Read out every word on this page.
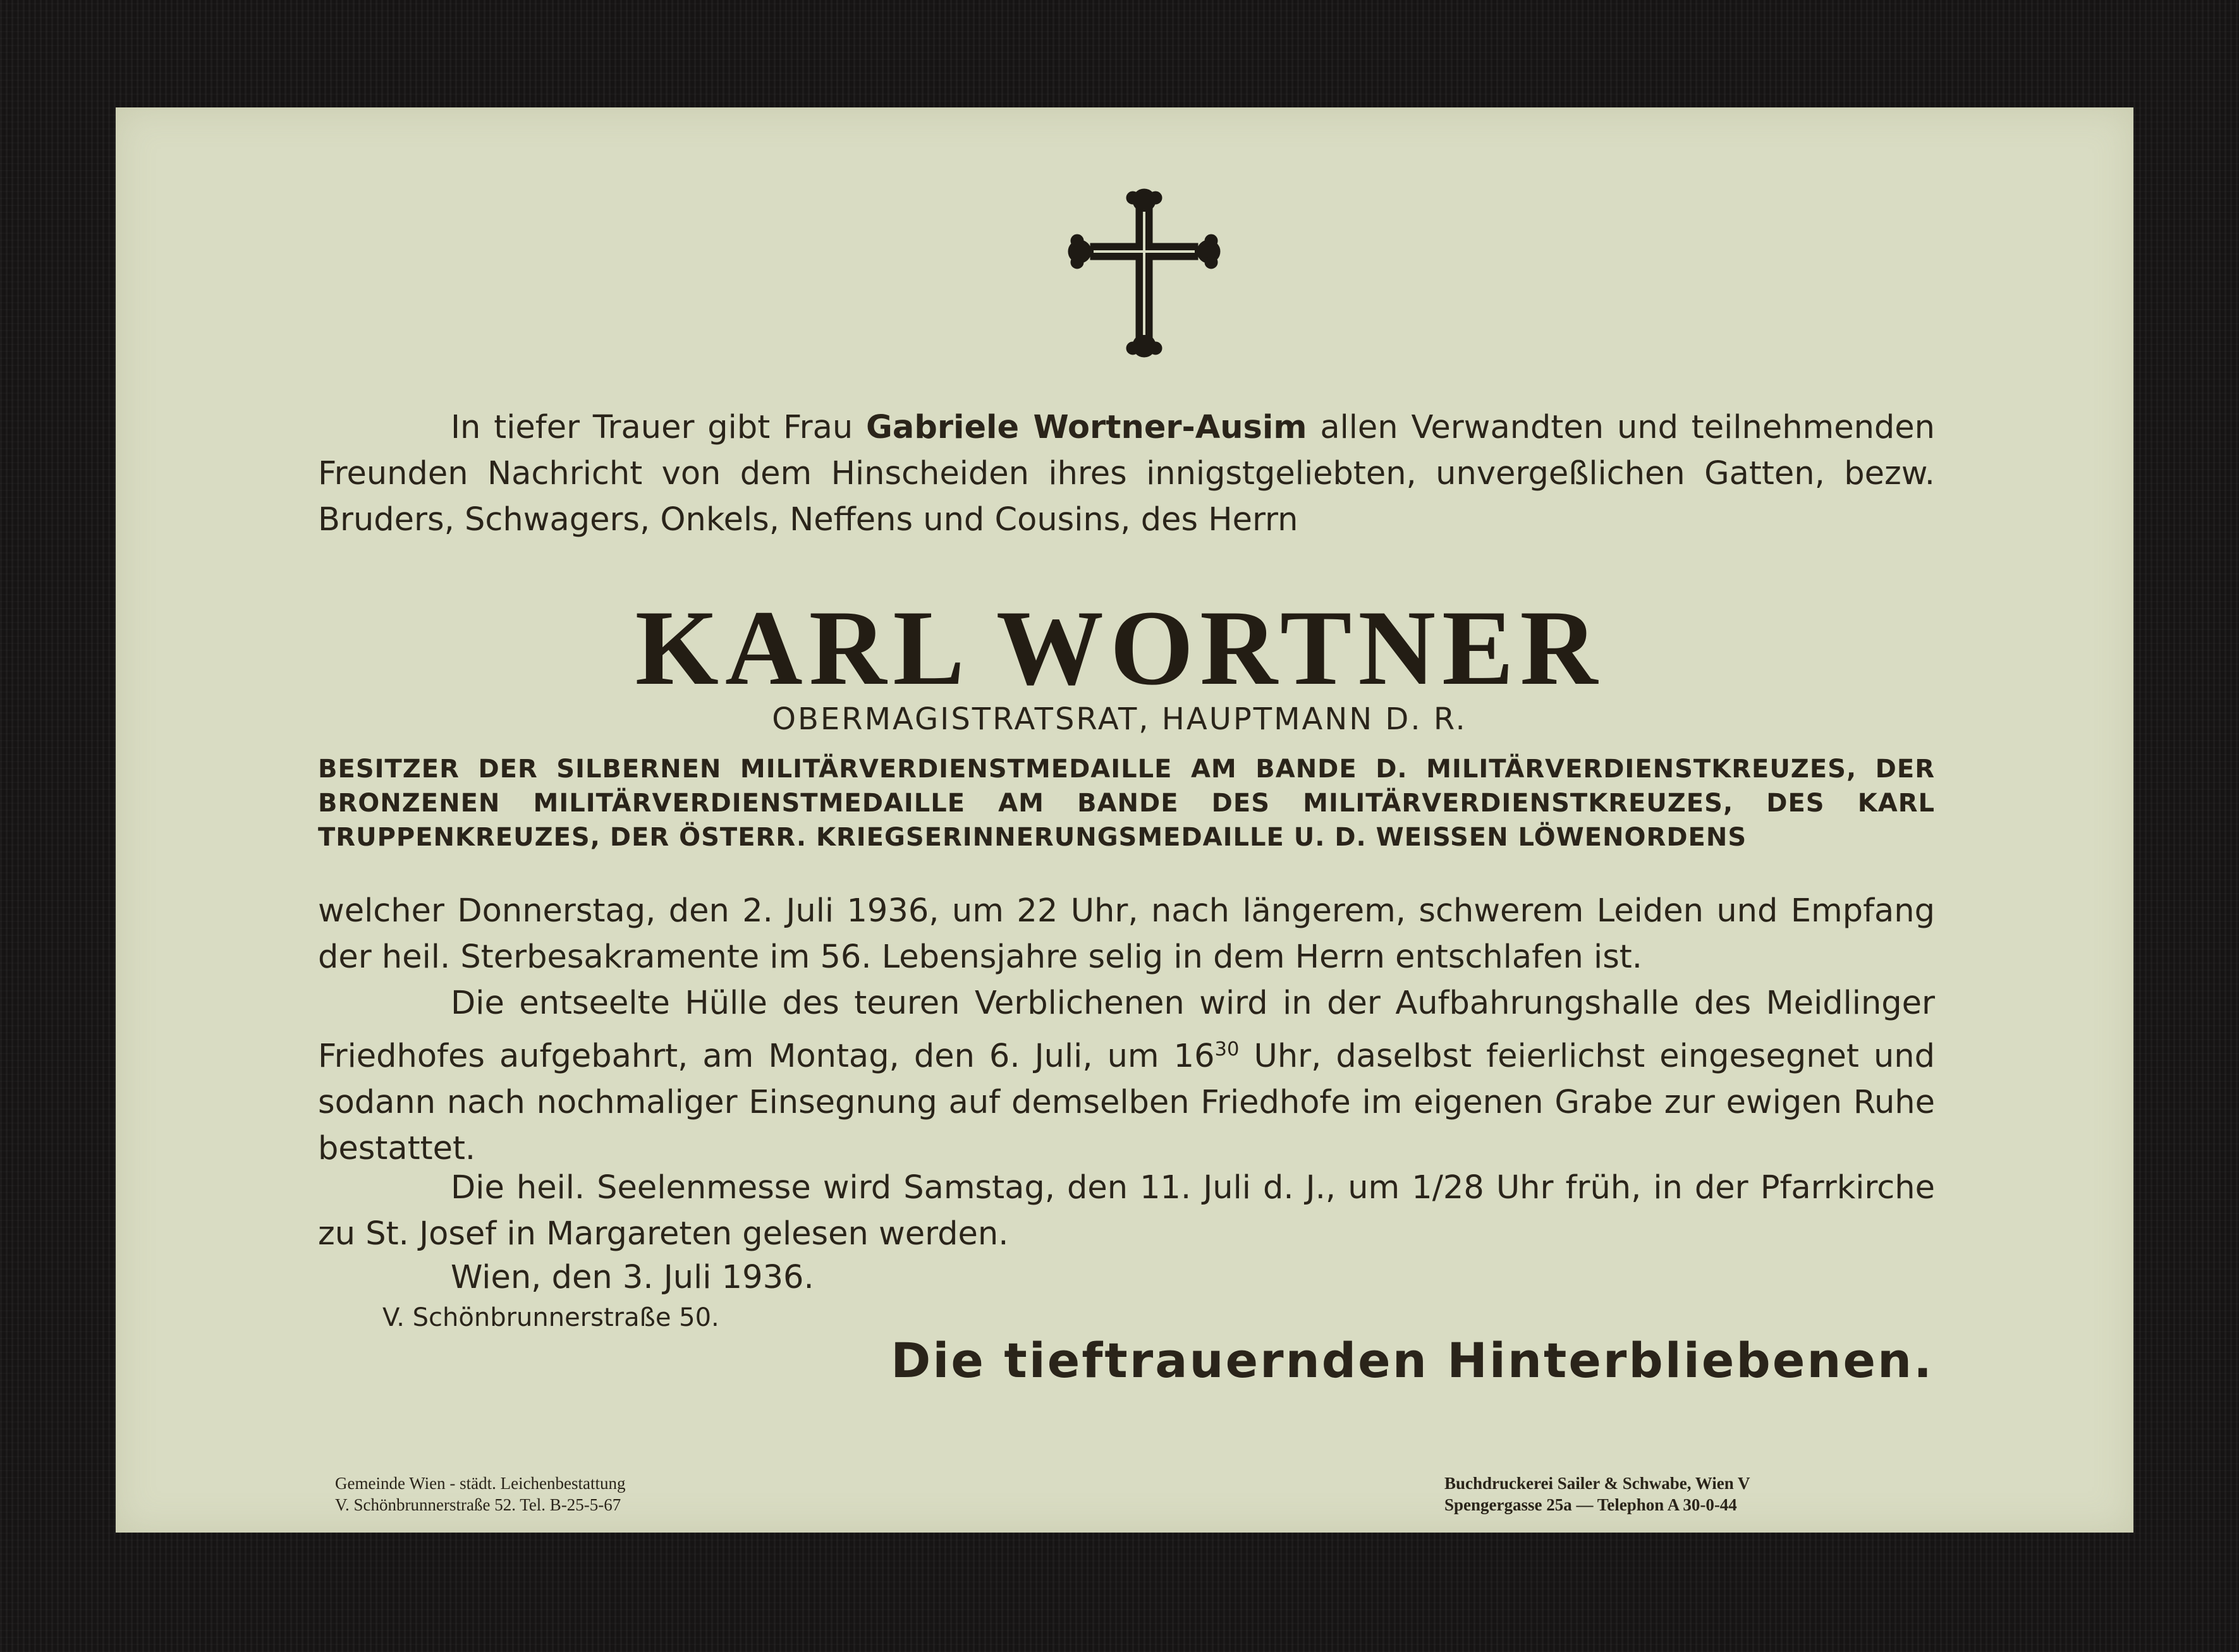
In tiefer Trauer gibt Frau Gabriele Wortner-Ausim allen Verwandten und teilnehmenden Freunden Nachricht von dem Hinscheiden ihres innigstgeliebten, unvergeßlichen Gatten, bezw. Bruders, Schwagers, Onkels, Neffens und Cousins, des Herrn

KARL WORTNER

OBERMAGISTRATSRAT, HAUPTMANN D. R.

BESITZER DER SILBERNEN MILITÄRVERDIENSTMEDAILLE AM BANDE D. MILITÄRVERDIENSTKREUZES, DER BRONZENEN MILITÄRVERDIENSTMEDAILLE AM BANDE DES MILITÄRVERDIENSTKREUZES, DES KARL TRUPPENKREUZES, DER ÖSTERR. KRIEGSERINNERUNGSMEDAILLE U. D. WEISSEN LÖWENORDENS

welcher Donnerstag, den 2. Juli 1936, um 22 Uhr, nach längerem, schwerem Leiden und Empfang der heil. Sterbesakramente im 56. Lebensjahre selig in dem Herrn entschlafen ist.

Die entseelte Hülle des teuren Verblichenen wird in der Aufbahrungshalle des Meidlinger Friedhofes aufgebahrt, am Montag, den 6. Juli, um $16^{30}$ Uhr, daselbst feierlichst eingesegnet und sodann nach nochmaliger Einsegnung auf demselben Friedhofe im eigenen Grabe zur ewigen Ruhe bestattet.

Die heil. Seelenmesse wird Samstag, den 11. Juli d. J., um 1/28 Uhr früh, in der Pfarrkirche zu St. Josef in Margareten gelesen werden.

Wien, den 3. Juli 1936.

V. Schönbrunnerstraße 50.

Die tieftrauernden Hinterbliebenen.

Gemeinde Wien - städt. Leichenbestattung
V. Schönbrunnerstraße 52. Tel. B-25-5-67
Buchdruckerei Sailer & Schwabe, Wien V
Spengergasse 25a — Telephon A 30-0-44
